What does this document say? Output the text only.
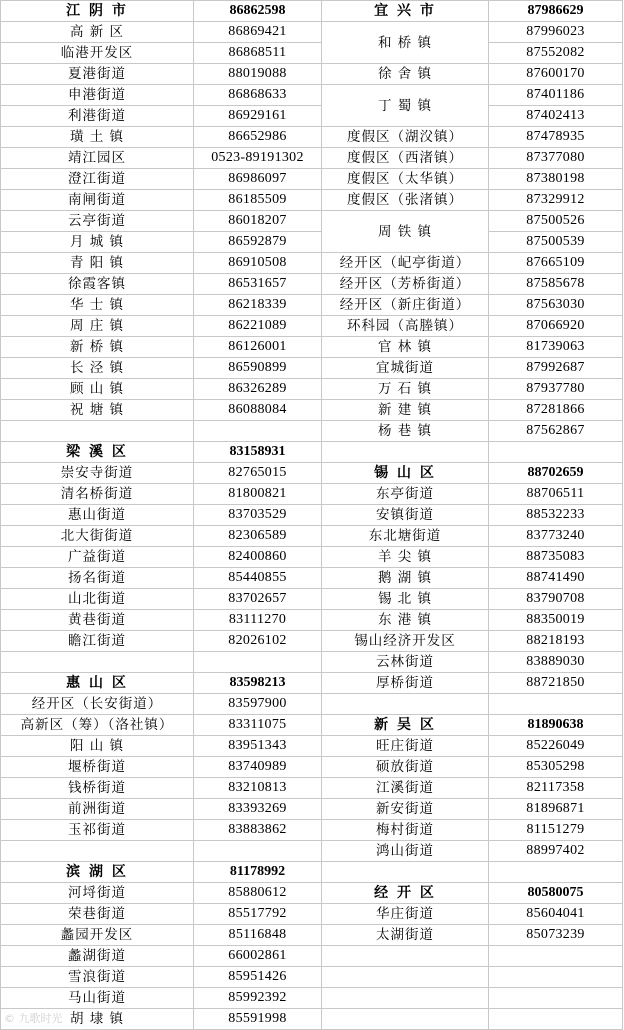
江 阴 市	86862598	宜 兴 市	87986629
高 新 区	86869421	和 桥 镇	87996023
临港开发区	86868511		87552082
夏港街道	88019088	徐 舍 镇	87600170
申港街道	86868633	丁 蜀 镇	87401186
利港街道	86929161		87402413
璜 土 镇	86652986	度假区（湖㳇镇）	87478935
靖江园区	0523-89191302	度假区（西渚镇）	87377080
澄江街道	86986097	度假区（太华镇）	87380198
南闸街道	86185509	度假区（张渚镇）	87329912
云亭街道	86018207	周 铁 镇	87500526
月 城 镇	86592879		87500539
青 阳 镇	86910508	经开区（屺亭街道）	87665109
徐霞客镇	86531657	经开区（芳桥街道）	87585678
华 士 镇	86218339	经开区（新庄街道）	87563030
周 庄 镇	86221089	环科园（高塍镇）	87066920
新 桥 镇	86126001	官 林 镇	81739063
长 泾 镇	86590899	宜城街道	87992687
顾 山 镇	86326289	万 石 镇	87937780
祝 塘 镇	86088084	新 建 镇	87281866
		杨 巷 镇	87562867
梁 溪 区	83158931		
崇安寺街道	82765015	锡 山 区	88702659
清名桥街道	81800821	东亭街道	88706511
惠山街道	83703529	安镇街道	88532233
北大街街道	82306589	东北塘街道	83773240
广益街道	82400860	羊 尖 镇	88735083
扬名街道	85440855	鹅 湖 镇	88741490
山北街道	83702657	锡 北 镇	83790708
黄巷街道	83111270	东 港 镇	88350019
瞻江街道	82026102	锡山经济开发区	88218193
		云林街道	83889030
惠 山 区	83598213	厚桥街道	88721850
经开区（长安街道）	83597900		
高新区（筹）（洛社镇）	83311075	新 吴 区	81890638
阳 山 镇	83951343	旺庄街道	85226049
堰桥街道	83740989	硕放街道	85305298
钱桥街道	83210813	江溪街道	82117358
前洲街道	83393269	新安街道	81896871
玉祁街道	83883862	梅村街道	81151279
		鸿山街道	88997402
滨 湖 区	81178992		
河埒街道	85880612	经 开 区	80580075
荣巷街道	85517792	华庄街道	85604041
蠡园开发区	85116848	太湖街道	85073239
蠡湖街道	66002861		
雪浪街道	85951426		
马山街道	85992392		
胡 埭 镇	85591998		
© 九歌时光
